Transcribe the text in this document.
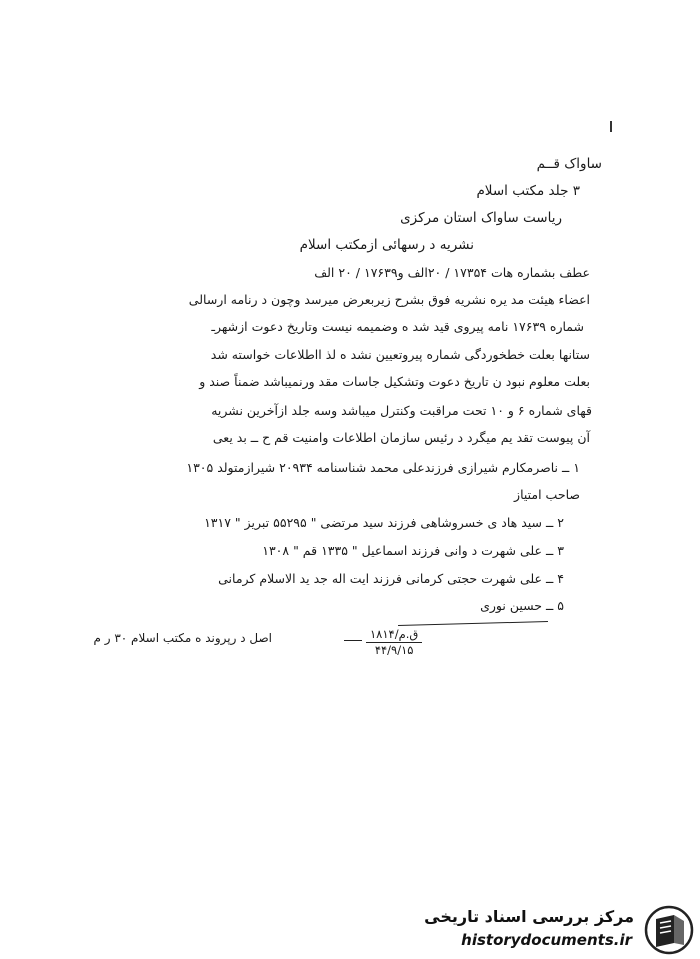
ساواک قــم
۳ جلد مکتب اسلام
ریاست ساواک استان مرکزی
نشریه د رسهائی ازمکتب اسلام
عطف بشماره هات ۱۷۳۵۴ / ۲۰الف و۱۷۶۳۹ / ۲۰ الف
اعضاء هیئت مد یره نشریه فوق بشرح زیربعرض میرسد وچون د رنامه ارسالی
شماره ۱۷۶۳۹ نامه پیروی قید شد ه وضمیمه نیست وتاریخ دعوت ازشهرـ
ستانها بعلت خطخوردگی شماره پیروتعیین نشد ه لذ ااطلاعات خواسته شد
بعلت معلوم نبود ن تاریخ دعوت وتشکیل جاسات مقد ورنمیباشد ضمناً صند و
قهای شماره ۶ و ۱۰ تحت مراقبت وکنترل میباشد وسه جلد ازآخرین نشریه
آن پیوست تقد یم میگرد د رئیس سازمان اطلاعات وامنیت قم ح ــ بد یعی
۱ ــ ناصرمکارم شیرازی فرزندعلی محمد شناسنامه ۲۰۹۳۴ شیرازمتولد ۱۳۰۵
صاحب امتیاز
۲ ــ سید هاد ی خسروشاهی فرزند سید مرتضی " ۵۵۲۹۵ تبریز " ۱۳۱۷
۳ ــ علی شهرت د وانی فرزند اسماعیل " ۱۳۳۵ قم " ۱۳۰۸
۴ ــ علی شهرت حجتی کرمانی فرزند ایت اله جد ید الاسلام کرمانی
۵ ــ حسین نوری
۱۸۱۴/ق.م
۴۴/۹/۱۵
اصل د رپروند ه مکتب اسلام ۳۰ ر م
مرکز بررسی اسناد تاریخی
historydocuments.ir
